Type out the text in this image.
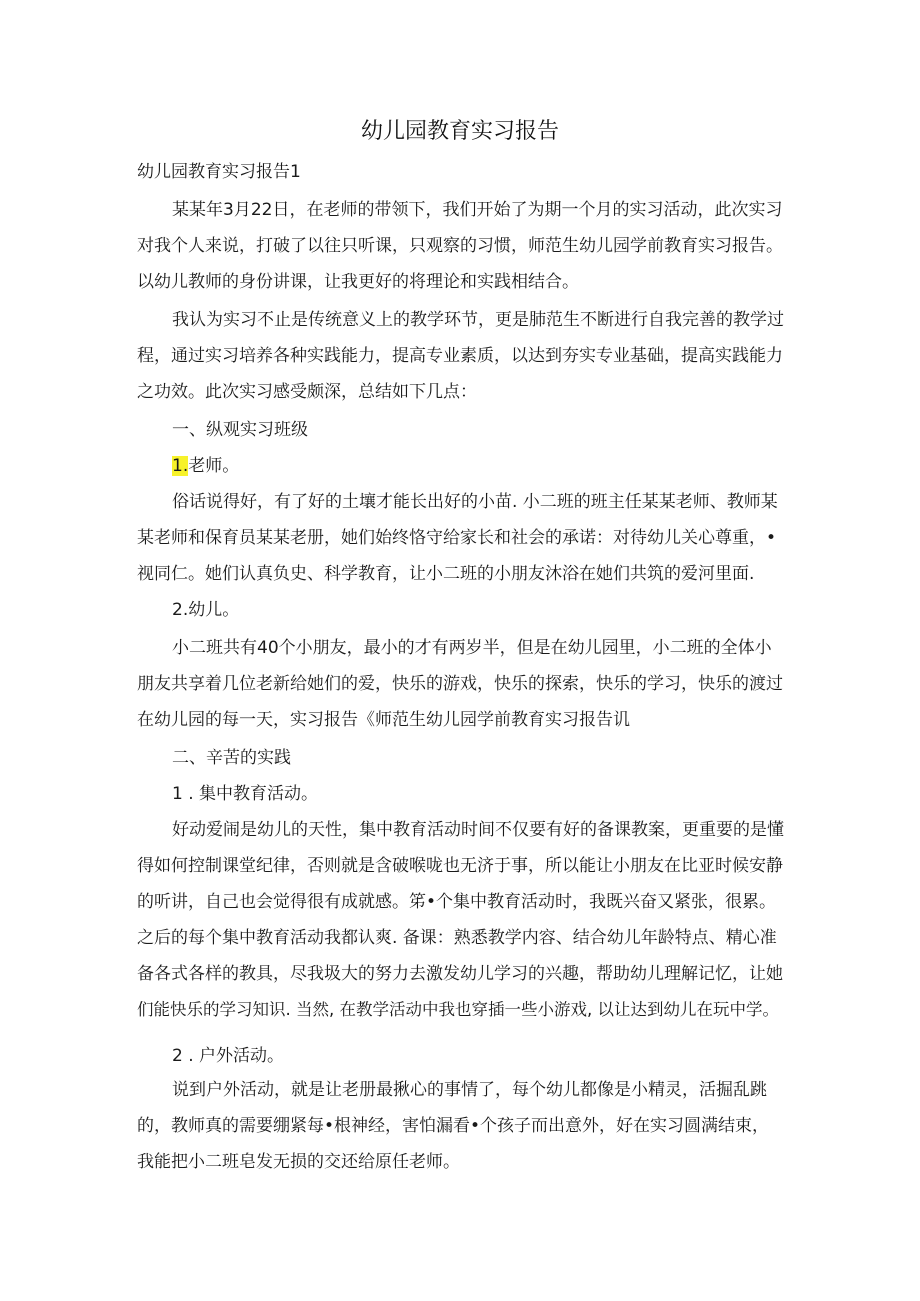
幼儿园教育实习报告
幼儿园教育实习报告1
某某年3月22日，在老师的带领下，我们开始了为期一个月的实习活动，此次实习
对我个人来说，打破了以往只听课，只观察的习惯，师范生幼儿园学前教育实习报告。
以幼儿教师的身份讲课，让我更好的将理论和实践相结合。
我认为实习不止是传统意义上的教学环节，更是肺范生不断进行自我完善的教学过
程，通过实习培养各种实践能力，提高专业素质，以达到夯实专业基础，提高实践能力
之功效。此次实习感受颇深，总结如下几点：
一、纵观实习班级
1.老师。
俗话说得好，有了好的土壤才能长出好的小苗. 小二班的班主任某某老师、教师某
某老师和保育员某某老册，她们始终恪守给家长和社会的承诺：对待幼儿关心尊重，•
视同仁。她们认真负史、科学教育，让小二班的小朋友沐浴在她们共筑的爱河里面.
2.幼儿。
小二班共有40个小朋友，最小的才有两岁半，但是在幼儿园里，小二班的全体小
朋友共享着几位老新给她们的爱，快乐的游戏，快乐的探索，快乐的学习，快乐的渡过
在幼儿园的每一天，实习报告《师范生幼儿园学前教育实习报告讥
二、辛苦的实践
1 . 集中教育活动。
好动爱闹是幼儿的天性，集中教育活动时间不仅要有好的备课教案，更重要的是懂
得如何控制课堂纪律，否则就是含破喉咙也无济于事，所以能让小朋友在比亚时候安静
的听讲，自己也会觉得很有成就感。笫•个集中教育活动时，我既兴奋又紧张，很累。
之后的每个集中教育活动我都认爽. 备课：熟悉教学内容、结合幼儿年龄特点、精心准
备各式各样的教具，尽我圾大的努力去激发幼儿学习的兴趣，帮助幼儿理解记忆，让她
们能快乐的学习知识. 当然, 在教学活动中我也穿插一些小游戏, 以让达到幼儿在玩中学。
2 . 户外活动。
说到户外活动，就是让老册最揪心的事情了，每个幼儿都像是小精灵，活掘乱跳
的，教师真的需要绷紧每•根神经，害怕漏看•个孩子而出意外，好在实习圆满结束，
我能把小二班皂发无损的交还给原任老师。
